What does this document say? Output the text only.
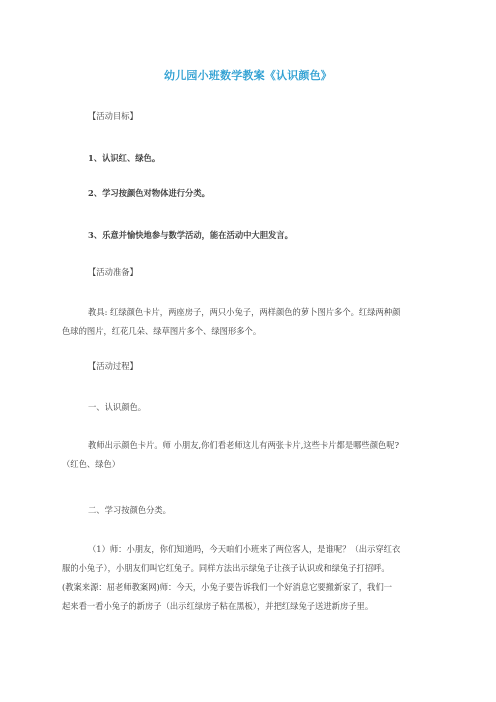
幼儿园小班数学教案《认识颜色》
【活动目标】
1、认识红、绿色。
2、学习按颜色对物体进行分类。
3、乐意并愉快地参与数学活动，能在活动中大胆发言。
【活动准备】
教具: 红绿颜色卡片，两座房子，两只小兔子，两样颜色的萝卜图片多个。红绿两种颜
色球的图片，红花几朵、绿草图片多个、绿图形多个。
【活动过程】
一、认识颜色。
教师出示颜色卡片。师 小朋友,你们看老师这儿有两张卡片,这些卡片都是哪些颜色呢?
（红色、绿色）
二、学习按颜色分类。
（1）师：小朋友，你们知道吗，今天咱们小班来了两位客人，是谁呢？（出示穿红衣
服的小兔子），小朋友们叫它红兔子。同样方法出示绿兔子让孩子认识或和绿兔子打招呼。
(教案来源：屈老师教案网)师：今天，小兔子要告诉我们一个好消息它要搬新家了，我们一
起来看一看小兔子的新房子（出示红绿房子粘在黑板），并把红绿兔子送进新房子里。
